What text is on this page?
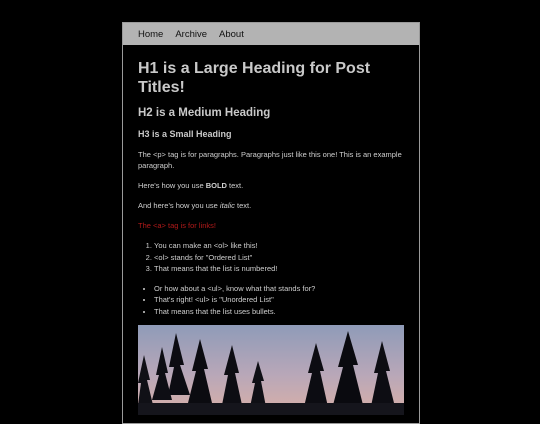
Home Archive About
H1 is a Large Heading for Post Titles!
H2 is a Medium Heading
H3 is a Small Heading

The <p> tag is for paragraphs. Paragraphs just like this one! This is an example paragraph.

Here's how you use BOLD text.

And here's how you use italic text.

The <a> tag is for links!

1. You can make an <ol> like this!
2. <ol> stands for "Ordered List"
3. That means that the list is numbered!
• Or how about a <ul>, know what that stands for?
• That's right! <ul> is "Unordered List"
• That means that the list uses bullets.
